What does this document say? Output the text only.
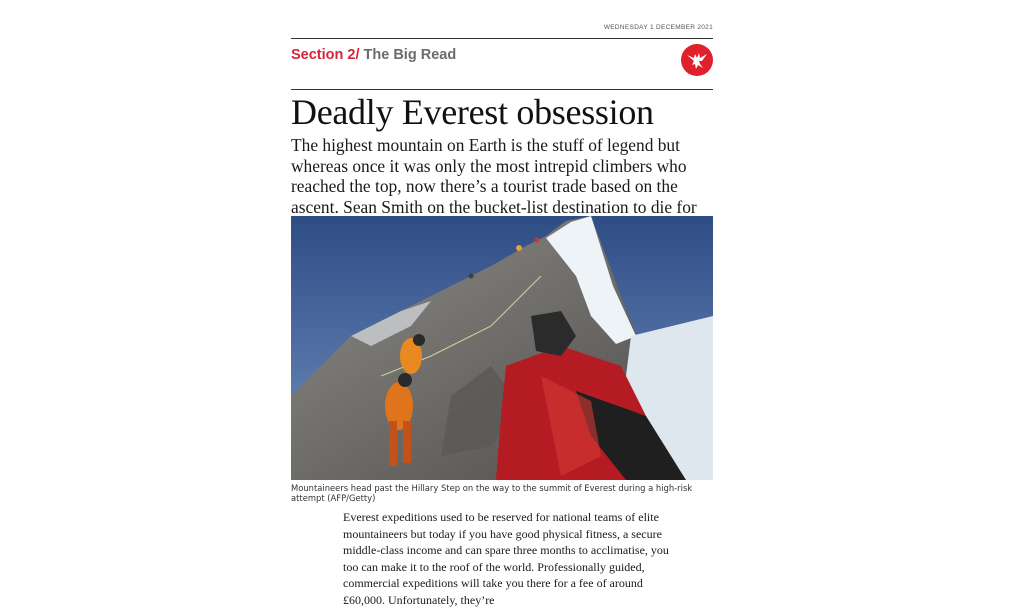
WEDNESDAY 1 DECEMBER 2021
Section 2/ The Big Read
Deadly Everest obsession

The highest mountain on Earth is the stuff of legend but whereas once it was only the most intrepid climbers who reached the top, now there’s a tourist trade based on the ascent. Sean Smith on the bucket-list destination to die for

Mountaineers head past the Hillary Step on the way to the summit of Everest during a high-risk attempt (AFP/Getty)

Everest expeditions used to be reserved for national teams of elite mountaineers but today if you have good physical fitness, a secure middle-class income and can spare three months to acclimatise, you too can make it to the roof of the world. Professionally guided, commercial expeditions will take you there for a fee of around £60,000. Unfortunately, they’re
